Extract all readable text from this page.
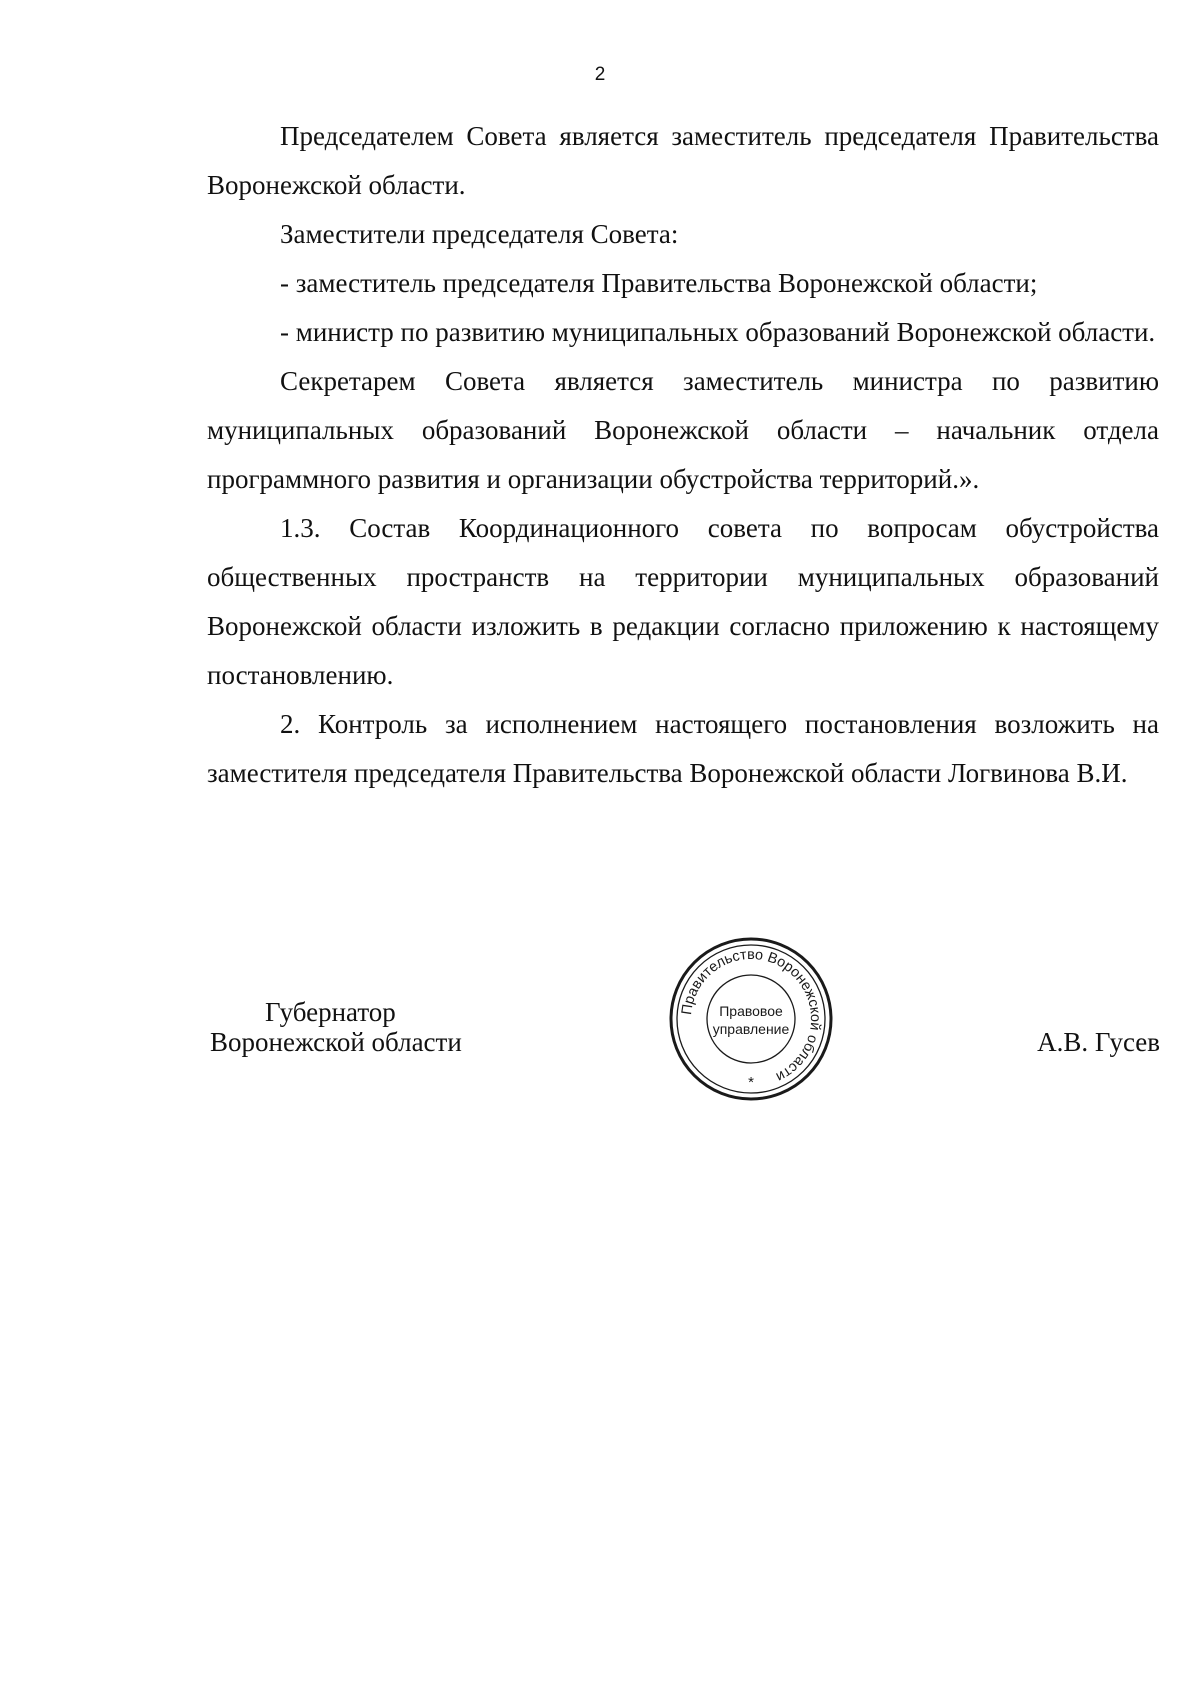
2

Председателем Совета является заместитель председателя Правительства Воронежской области.

Заместители председателя Совета:

- заместитель председателя Правительства Воронежской области;

- министр по развитию муниципальных образований Воронежской области.

Секретарем Совета является заместитель министра по развитию муниципальных образований Воронежской области – начальник отдела программного развития и организации обустройства территорий.».

1.3. Состав Координационного совета по вопросам обустройства общественных пространств на территории муниципальных образований Воронежской области изложить в редакции согласно приложению к настоящему постановлению.

2. Контроль за исполнением настоящего постановления возложить на заместителя председателя Правительства Воронежской области Логвинова В.И.

Губернатор
Воронежской области
Правительство Воронежской области
Правовое
управление
*
А.В. Гусев
